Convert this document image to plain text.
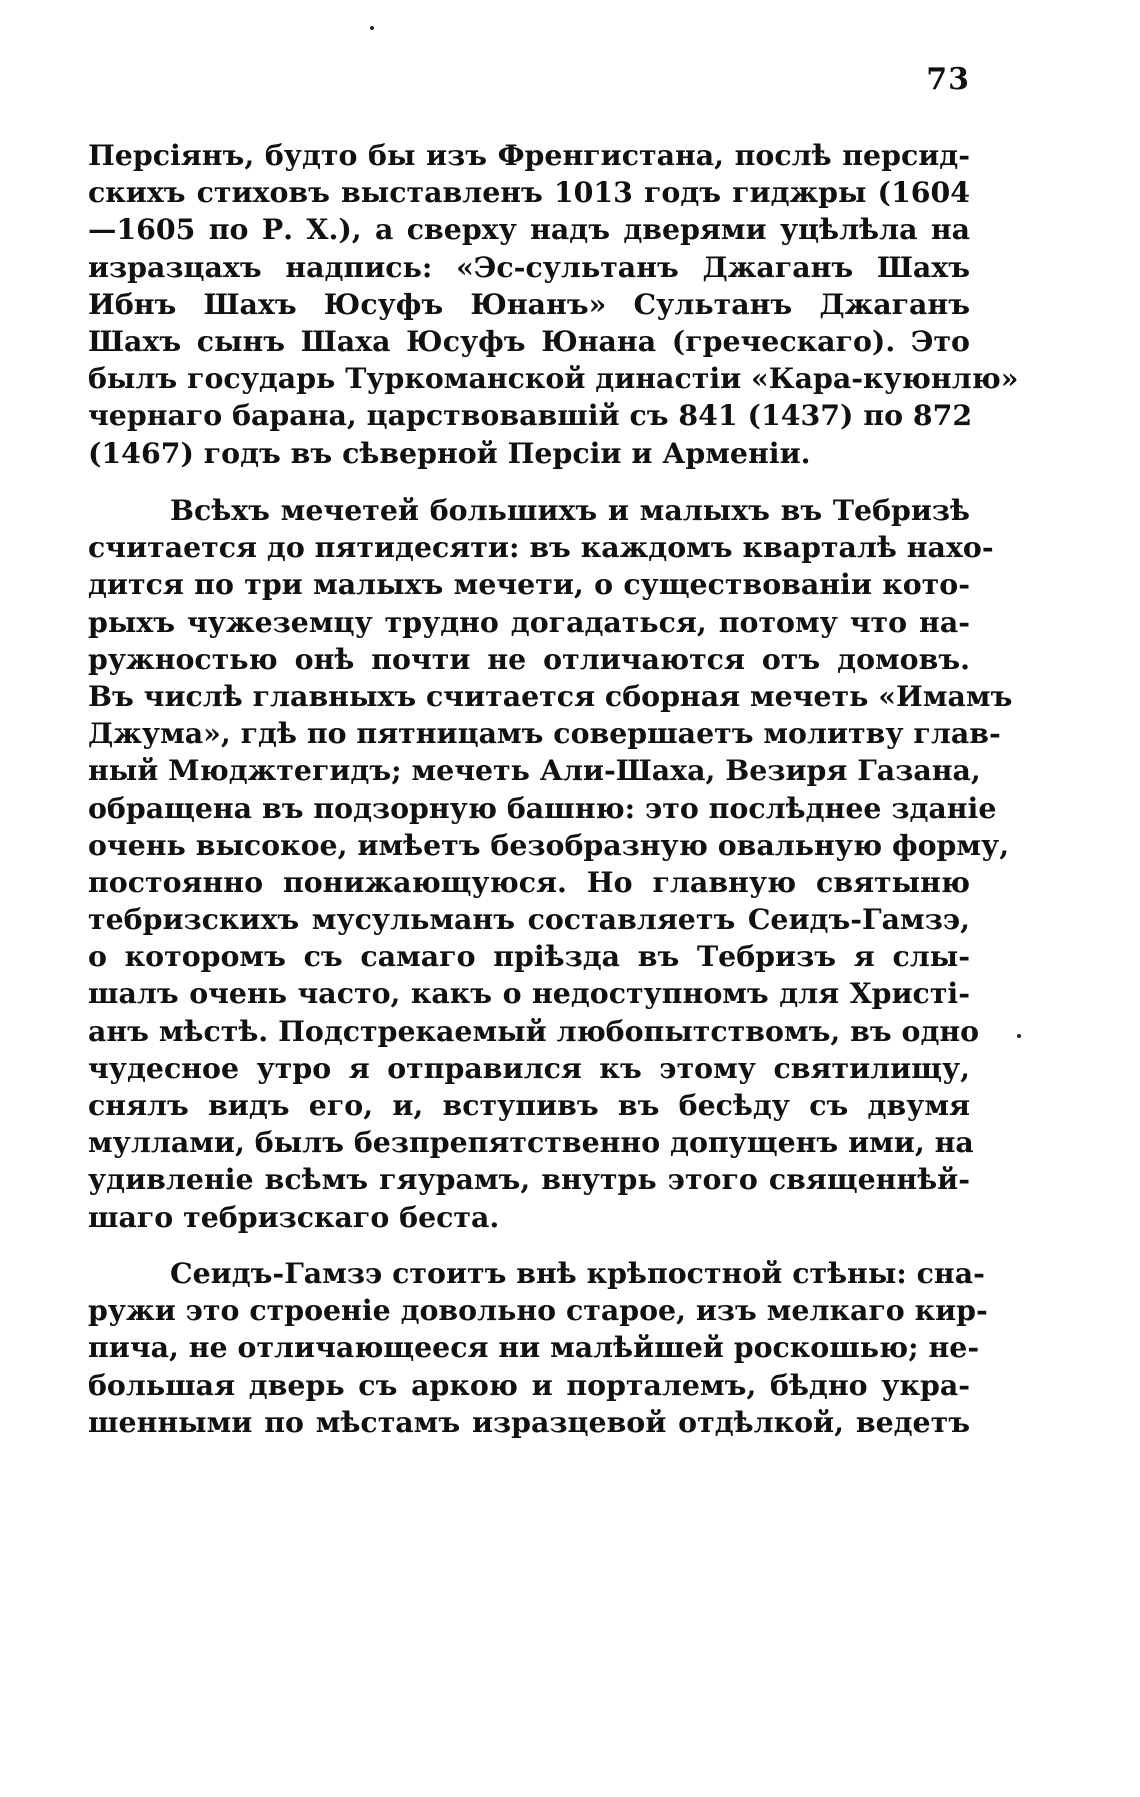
73
Персіянъ, будто бы изъ Френгистана, послѣ персид-
скихъ стиховъ выставленъ 1013 годъ гиджры (1604
—1605 по Р. Х.), а сверху надъ дверями уцѣлѣла на
изразцахъ надпись: «Эс-сультанъ Джаганъ Шахъ
Ибнъ Шахъ Юсуфъ Юнанъ» Сультанъ Джаганъ
Шахъ сынъ Шаха Юсуфъ Юнана (греческаго). Это
былъ государь Туркоманской династіи «Кара-куюнлю»
чернаго барана, царствовавшій съ 841 (1437) по 872
(1467) годъ въ сѣверной Персіи и Арменіи.
Всѣхъ мечетей большихъ и малыхъ въ Тебризѣ
считается до пятидесяти: въ каждомъ кварталѣ нахо-
дится по три малыхъ мечети, о существованіи кото-
рыхъ чужеземцу трудно догадаться, потому что на-
ружностью онѣ почти не отличаются отъ домовъ.
Въ числѣ главныхъ считается сборная мечеть «Имамъ
Джума», гдѣ по пятницамъ совершаетъ молитву глав-
ный Мюджтегидъ; мечеть Али-Шаха, Везиря Газана,
обращена въ подзорную башню: это послѣднее зданіе
очень высокое, имѣетъ безобразную овальную форму,
постоянно понижающуюся. Но главную святыню
тебризскихъ мусульманъ составляетъ Сеидъ-Гамзэ,
о которомъ съ самаго пріѣзда въ Тебризъ я слы-
шалъ очень часто, какъ о недоступномъ для Христі-
анъ мѣстѣ. Подстрекаемый любопытствомъ, въ одно
чудесное утро я отправился къ этому святилищу,
снялъ видъ его, и, вступивъ въ бесѣду съ двумя
муллами, былъ безпрепятственно допущенъ ими, на
удивленіе всѣмъ гяурамъ, внутрь этого священнѣй-
шаго тебризскаго беста.
Сеидъ-Гамзэ стоитъ внѣ крѣпостной стѣны: сна-
ружи это строеніе довольно старое, изъ мелкаго кир-
пича, не отличающееся ни малѣйшей роскошью; не-
большая дверь съ аркою и порталемъ, бѣдно укра-
шенными по мѣстамъ изразцевой отдѣлкой, ведетъ
